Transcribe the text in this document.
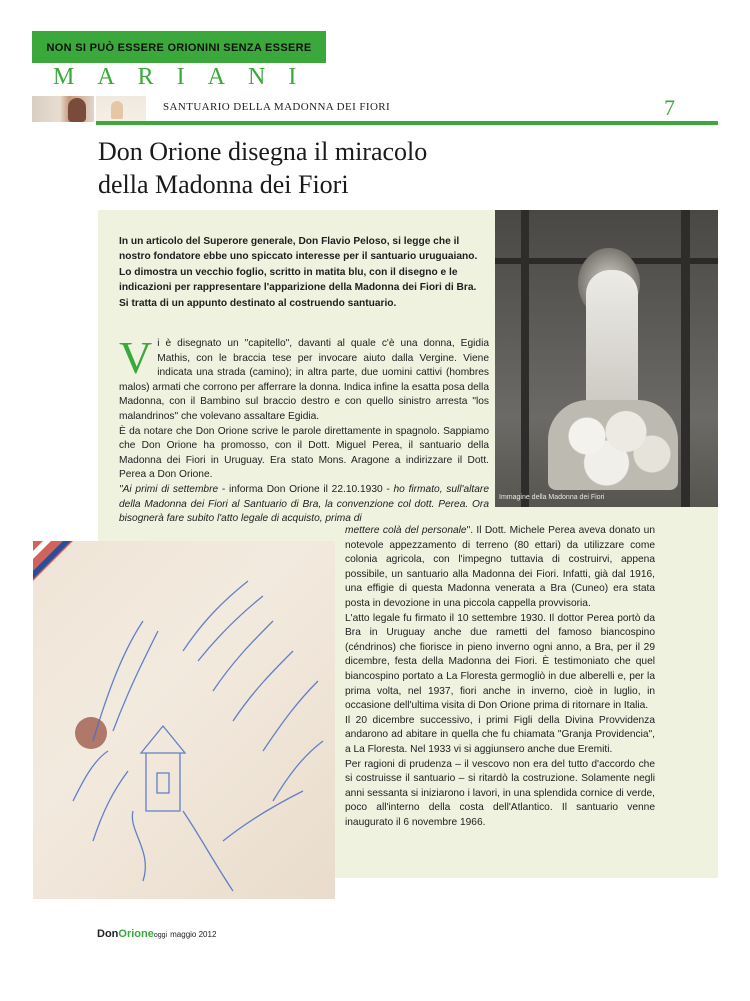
NON SI PUÒ ESSERE ORIONINI SENZA ESSERE
MARIANI
SANTUARIO DELLA MADONNA DEI FIORI	7
Don Orione disegna il miracolo
della Madonna dei Fiori
Immagine della Madonna dei Fiori
In un articolo del Superore generale, Don Flavio Peloso, si legge che il nostro fondatore ebbe uno spiccato interesse per il santuario uruguaiano. Lo dimostra un vecchio foglio, scritto in matita blu, con il disegno e le indicazioni per rappresentare l'apparizione della Madonna dei Fiori di Bra. Si tratta di un appunto destinato al costruendo santuario.
Vi è disegnato un "capitello", davanti al quale c'è una donna, Egidia Mathis, con le braccia tese per invocare aiuto dalla Vergine. Viene indicata una strada (camino); in altra parte, due uomini cattivi (hombres malos) armati che corrono per afferrare la donna. Indica infine la esatta posa della Madonna, con il Bambino sul braccio destro e con quello sinistro arresta "los malandrinos" che volevano assaltare Egidia.
È da notare che Don Orione scrive le parole direttamente in spagnolo. Sappiamo che Don Orione ha promosso, con il Dott. Miguel Perea, il santuario della Madonna dei Fiori in Uruguay. Era stato Mons. Aragone a indirizzare il Dott. Perea a Don Orione.
"Ai primi di settembre - informa Don Orione il 22.10.1930 - ho firmato, sull'altare della Madonna dei Fiori al Santuario di Bra, la convenzione col dott. Perea. Ora bisognerà fare subito l'atto legale di acquisto, prima di
mettere colà del personale". Il Dott. Michele Perea aveva donato un notevole appezzamento di terreno (80 ettari) da utilizzare come colonia agricola, con l'impegno tuttavia di costruirvi, appena possibile, un santuario alla Madonna dei Fiori. Infatti, già dal 1916, una effigie di questa Madonna venerata a Bra (Cuneo) era stata posta in devozione in una piccola cappella provvisoria.
L'atto legale fu firmato il 10 settembre 1930. Il dottor Perea portò da Bra in Uruguay anche due rametti del famoso biancospino (céndrinos) che fiorisce in pieno inverno ogni anno, a Bra, per il 29 dicembre, festa della Madonna dei Fiori. È testimoniato che quel biancospino portato a La Floresta germogliò in due alberelli e, per la prima volta, nel 1937, fiori anche in inverno, cioè in luglio, in occasione dell'ultima visita di Don Orione prima di ritornare in Italia.
Il 20 dicembre successivo, i primi Figli della Divina Provvidenza andarono ad abitare in quella che fu chiamata "Granja Providencia", a La Floresta. Nel 1933 vi si aggiunsero anche due Eremiti.
Per ragioni di prudenza – il vescovo non era del tutto d'accordo che si costruisse il santuario – si ritardò la costruzione. Solamente negli anni sessanta si iniziarono i lavori, in una splendida cornice di verde, poco all'interno della costa dell'Atlantico. Il santuario venne inaugurato il 6 novembre 1966.
DonOrioneoggi maggio 2012
